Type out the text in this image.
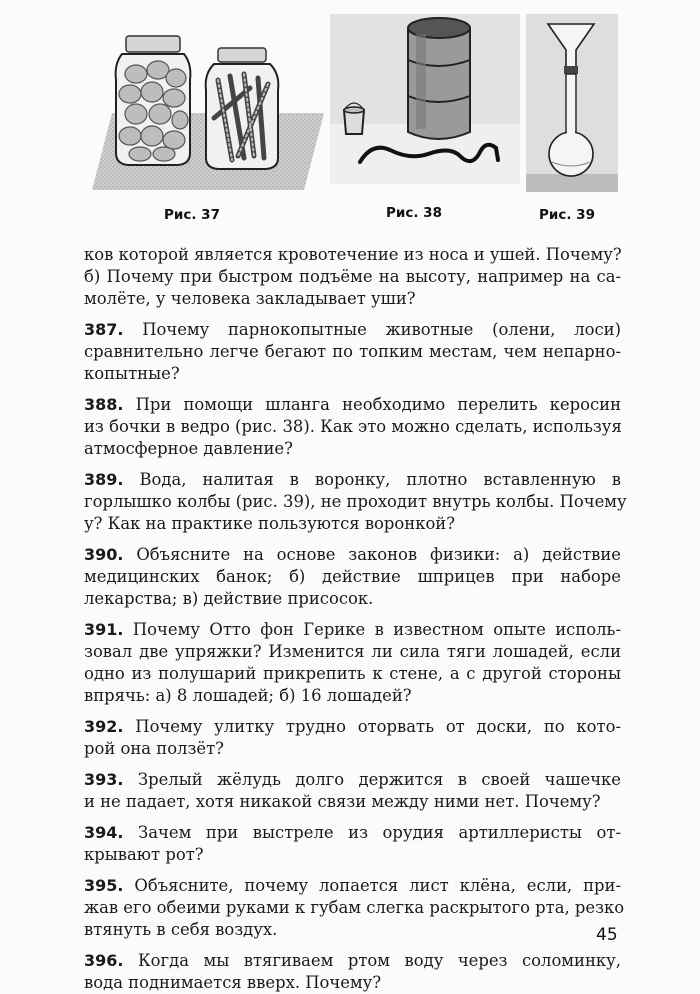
Рис. 37	Рис. 38	Рис. 39

ков которой является кровотечение из носа и ушей. Почему?
б) Почему при быстром подъёме на высоту, например на са-
молёте, у человека закладывает уши?

387. Почему парнокопытные животные (олени, лоси)
сравнительно легче бегают по топким местам, чем непарно-
копытные?

388. При помощи шланга необходимо перелить керосин
из бочки в ведро (рис. 38). Как это можно сделать, используя
атмосферное давление?

389. Вода, налитая в воронку, плотно вставленную в
горлышко колбы (рис. 39), не проходит внутрь колбы. Почему
у? Как на практике пользуются воронкой?

390. Объясните на основе законов физики: а) действие
медицинских банок; б) действие шприцев при наборе
лекарства; в) действие присосок.

391. Почему Отто фон Герике в известном опыте исполь-
зовал две упряжки? Изменится ли сила тяги лошадей, если
одно из полушарий прикрепить к стене, а с другой стороны
впрячь: а) 8 лошадей; б) 16 лошадей?

392. Почему улитку трудно оторвать от доски, по кото-
рой она ползёт?

393. Зрелый жёлудь долго держится в своей чашечке
и не падает, хотя никакой связи между ними нет. Почему?

394. Зачем при выстреле из орудия артиллеристы от-
крывают рот?

395. Объясните, почему лопается лист клёна, если, при-
жав его обеими руками к губам слегка раскрытого рта, резко
втянуть в себя воздух.

396. Когда мы втягиваем ртом воду через соломинку,
вода поднимается вверх. Почему?

45
